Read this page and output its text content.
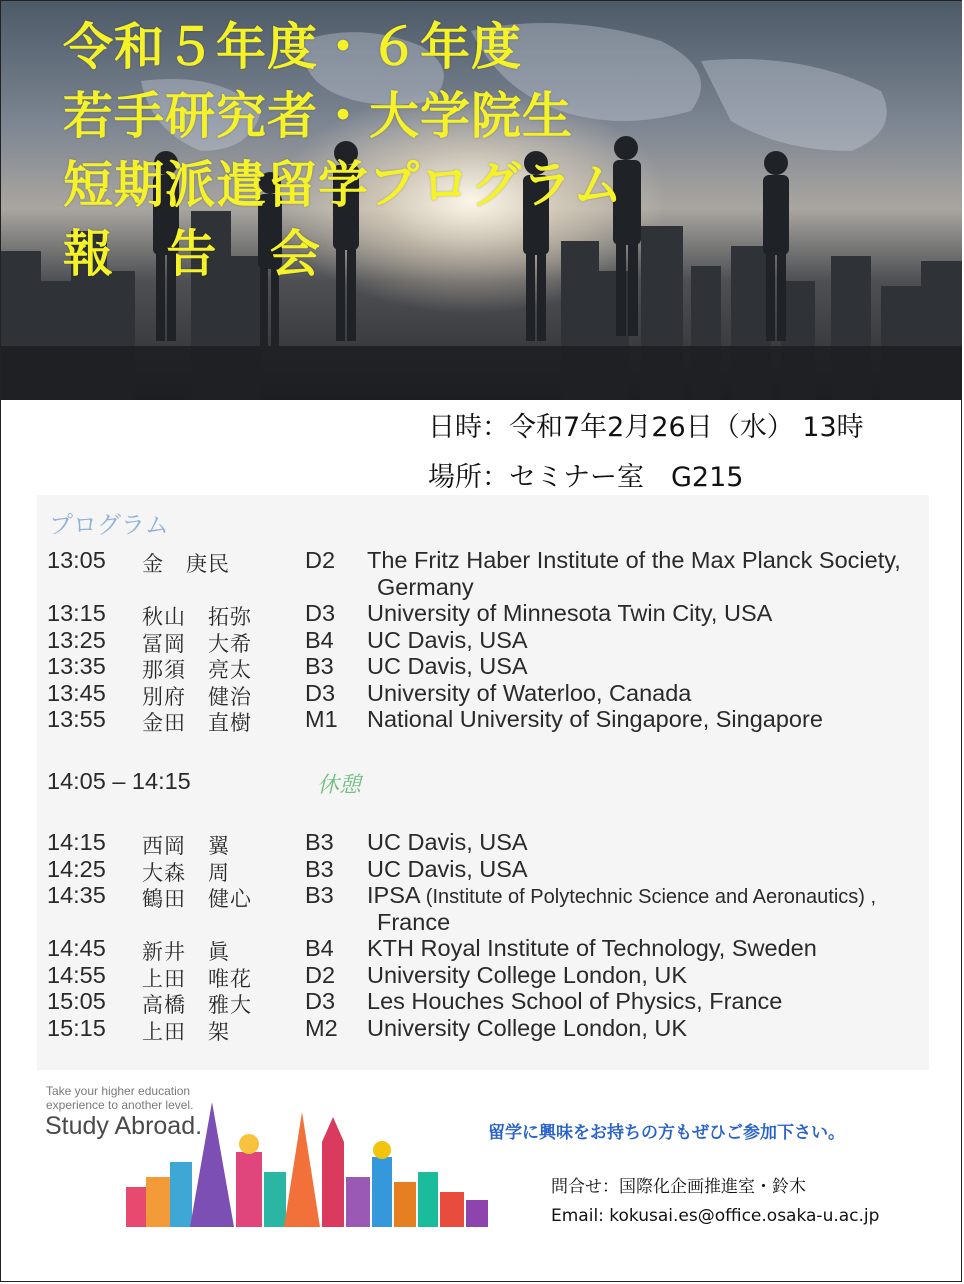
令和５年度・６年度
若手研究者・大学院生
短期派遣留学プログラム
報 告 会
日時：令和7年2月26日（水） 13時
場所：セミナー室　G215
プログラム
13:05 金　庚民	D2 The Fritz Haber Institute of the Max Planck Society,
Germany
13:15 秋山　拓弥 D3 University of Minnesota Twin City, USA
13:25 冨岡　大希 B4 UC Davis, USA
13:35 那須　亮太 B3 UC Davis, USA
13:45 別府　健治 D3 University of Waterloo, Canada
13:55 金田　直樹 M1 National University of Singapore, Singapore
14:05 – 14:15	休憩
14:15 西岡　翼	B3 UC Davis, USA
14:25 大森　周	B3 UC Davis, USA
14:35 鶴田　健心 B3 IPSA (Institute of Polytechnic Science and Aeronautics) ,
France
14:45 新井　眞	B4 KTH Royal Institute of Technology, Sweden
14:55 上田　唯花 D2 University College London, UK
15:05 高橋　雅大 D3 Les Houches School of Physics, France
15:15 上田　架	M2 University College London, UK
Take your higher education experience to another level.
Study Abroad.	留学に興味をお持ちの方もぜひご参加下さい。
問合せ：国際化企画推進室・鈴木
Email: kokusai.es@office.osaka-u.ac.jp
